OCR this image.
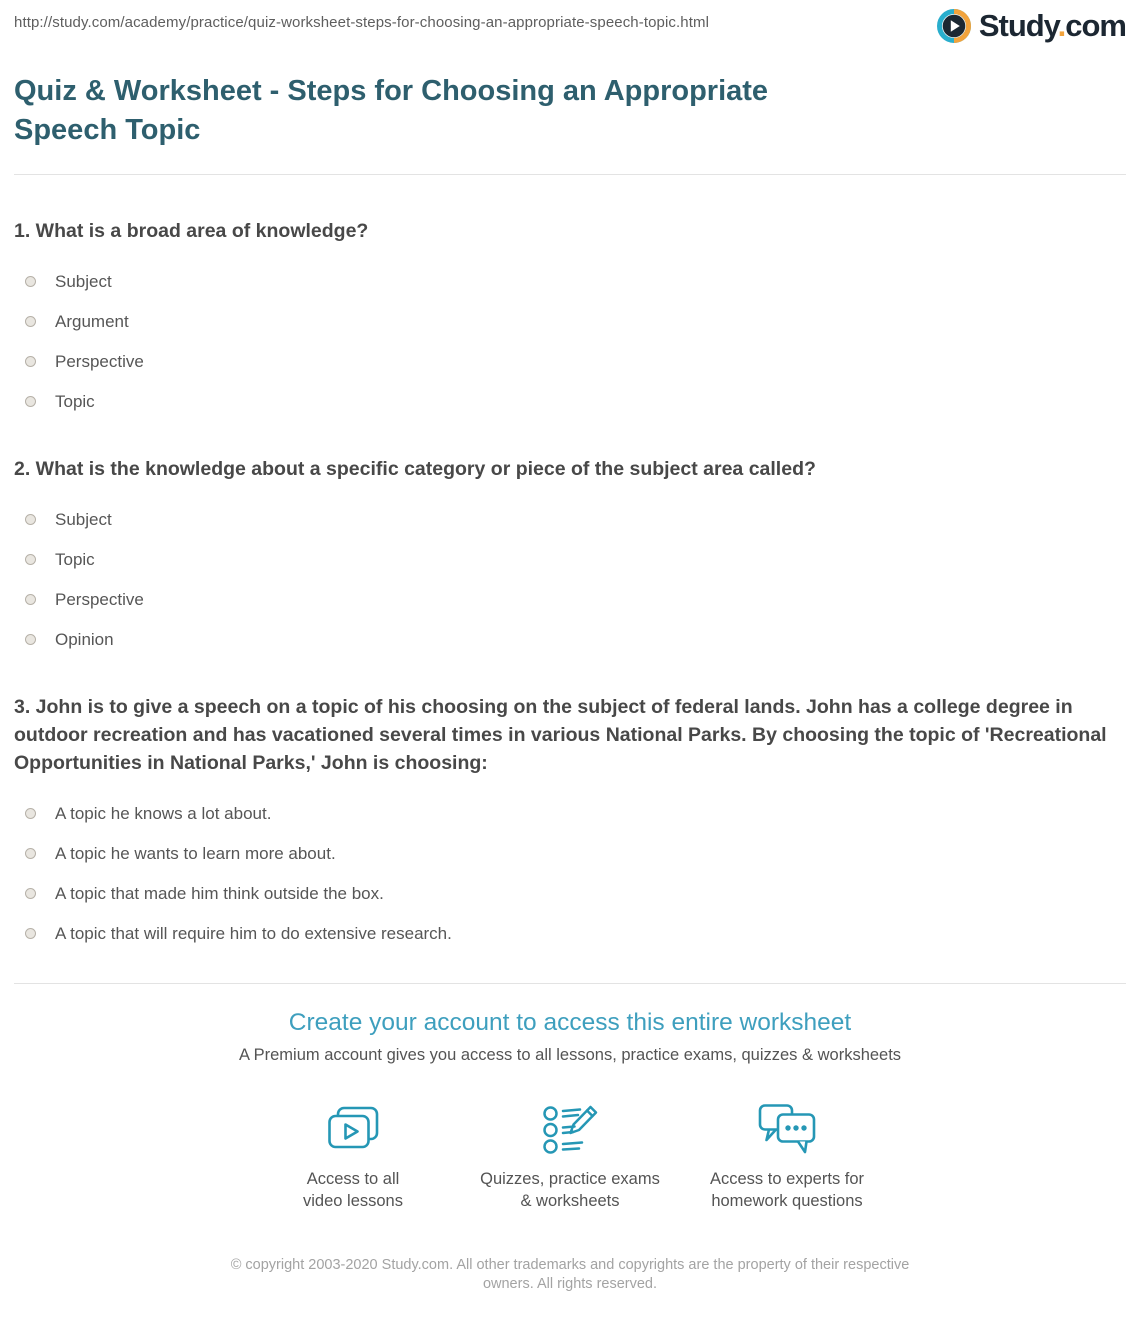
http://study.com/academy/practice/quiz-worksheet-steps-for-choosing-an-appropriate-speech-topic.html	Study.com
Quiz & Worksheet - Steps for Choosing an Appropriate Speech Topic

1. What is a broad area of knowledge?

Subject
Argument
Perspective
Topic

2. What is the knowledge about a specific category or piece of the subject area called?

Subject
Topic
Perspective
Opinion

3. John is to give a speech on a topic of his choosing on the subject of federal lands. John has a college degree in outdoor recreation and has vacationed several times in various National Parks. By choosing the topic of 'Recreational Opportunities in National Parks,' John is choosing:

A topic he knows a lot about.
A topic he wants to learn more about.
A topic that made him think outside the box.
A topic that will require him to do extensive research.
Create your account to access this entire worksheet
A Premium account gives you access to all lessons, practice exams, quizzes & worksheets
Access to all
video lessons
Quizzes, practice exams
& worksheets
Access to experts for
homework questions
© copyright 2003-2020 Study.com. All other trademarks and copyrights are the property of their respective owners. All rights reserved.
